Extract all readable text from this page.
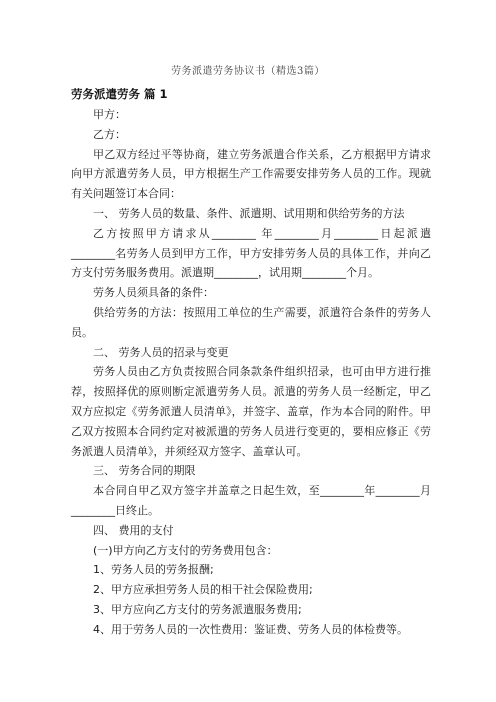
劳务派遣劳务协议书（精选3篇）
劳务派遣劳务 篇 1

甲方：

乙方：

甲乙双方经过平等协商，建立劳务派遣合作关系，乙方根据甲方请求向甲方派遣劳务人员，甲方根据生产工作需要安排劳务人员的工作。现就有关问题签订本合同：

一、 劳务人员的数量、条件、派遣期、试用期和供给劳务的方法

乙方按照甲方请求从________ 年________月________日起派遣________名劳务人员到甲方工作，甲方安排劳务人员的具体工作，并向乙方支付劳务服务费用。派遣期________，试用期________个月。

劳务人员须具备的条件：

供给劳务的方法：按照用工单位的生产需要，派遣符合条件的劳务人员。

二、 劳务人员的招录与变更

劳务人员由乙方负责按照合同条款条件组织招录，也可由甲方进行推荐，按照择优的原则断定派遣劳务人员。派遣的劳务人员一经断定，甲乙双方应拟定《劳务派遣人员清单》，并签字、盖章，作为本合同的附件。甲乙双方按照本合同约定对被派遣的劳务人员进行变更的，要相应修正《劳务派遣人员清单》，并须经双方签字、盖章认可。

三、 劳务合同的期限

本合同自甲乙双方签字并盖章之日起生效，至________年________月________日终止。

四、 费用的支付

(一)甲方向乙方支付的劳务费用包含：

1、劳务人员的劳务报酬;

2、甲方应承担劳务人员的相干社会保险费用;

3、甲方应向乙方支付的劳务派遣服务费用;

4、用于劳务人员的一次性费用：鉴证费、劳务人员的体检费等。
